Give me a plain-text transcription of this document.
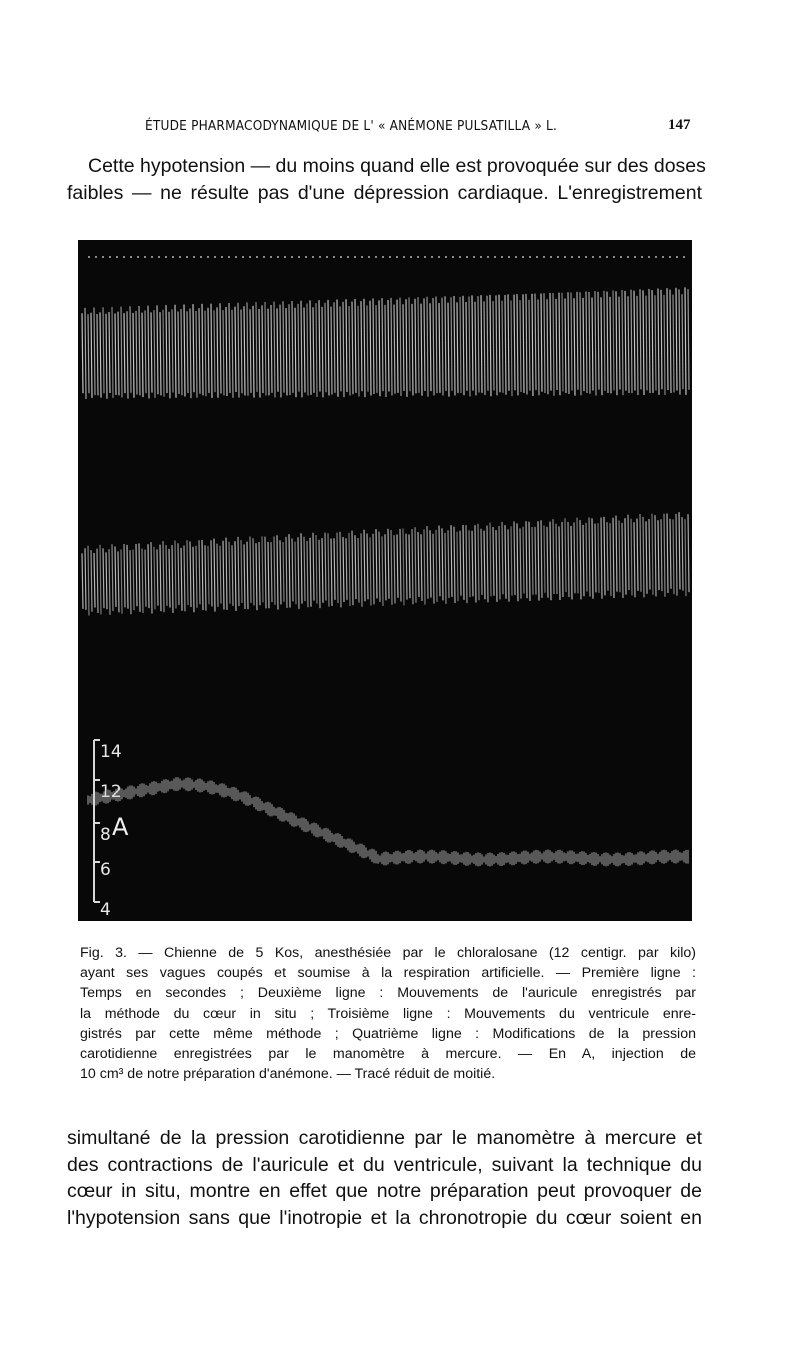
ÉTUDE PHARMACODYNAMIQUE DE L' « ANÉMONE PULSATILLA » L.	147
Cette hypotension — du moins quand elle est provoquée sur des doses
faibles — ne résulte pas d'une dépression cardiaque. L'enregistrement
14
12
8
6
4
A
Fig. 3. — Chienne de 5 Kos, anesthésiée par le chloralosane (12 centigr. par kilo)
ayant ses vagues coupés et soumise à la respiration artificielle. — Première ligne :
Temps en secondes ; Deuxième ligne : Mouvements de l'auricule enregistrés par
la méthode du cœur in situ ; Troisième ligne : Mouvements du ventricule enre-
gistrés par cette même méthode ; Quatrième ligne : Modifications de la pression
carotidienne enregistrées par le manomètre à mercure. — En A, injection de
10 cm³ de notre préparation d'anémone. — Tracé réduit de moitié.
simultané de la pression carotidienne par le manomètre à mercure et
des contractions de l'auricule et du ventricule, suivant la technique du
cœur in situ, montre en effet que notre préparation peut provoquer de
l'hypotension sans que l'inotropie et la chronotropie du cœur soient en
